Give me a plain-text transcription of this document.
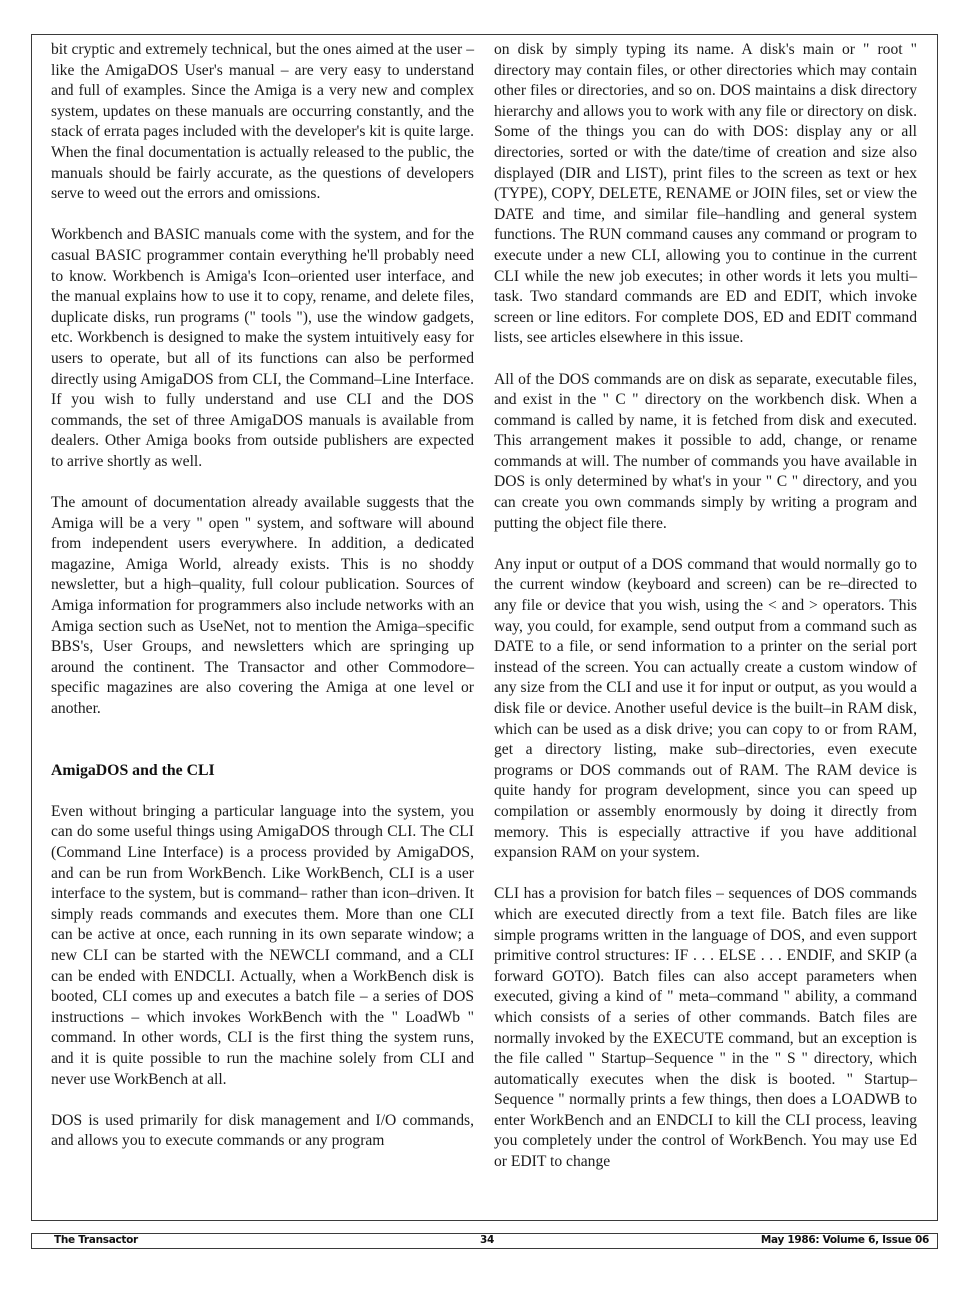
bit cryptic and extremely technical, but the ones aimed at the user – like the AmigaDOS User's manual – are very easy to understand and full of examples. Since the Amiga is a very new and complex system, updates on these manuals are occurring constantly, and the stack of errata pages included with the developer's kit is quite large. When the final documentation is actually released to the public, the manuals should be fairly accurate, as the questions of developers serve to weed out the errors and omissions.

Workbench and BASIC manuals come with the system, and for the casual BASIC programmer contain everything he'll probably need to know. Workbench is Amiga's Icon–oriented user interface, and the manual explains how to use it to copy, rename, and delete files, duplicate disks, run programs (" tools "), use the window gadgets, etc. Workbench is designed to make the system intuitively easy for users to operate, but all of its functions can also be performed directly using AmigaDOS from CLI, the Command–Line Interface. If you wish to fully understand and use CLI and the DOS commands, the set of three AmigaDOS manuals is available from dealers. Other Amiga books from outside publishers are expected to arrive shortly as well.

The amount of documentation already available suggests that the Amiga will be a very " open " system, and software will abound from independent users everywhere. In addition, a dedicated magazine, Amiga World, already exists. This is no shoddy newsletter, but a high–quality, full colour publication. Sources of Amiga information for programmers also include networks with an Amiga section such as UseNet, not to mention the Amiga–specific BBS's, User Groups, and newsletters which are springing up around the continent. The Transactor and other Commodore–specific magazines are also covering the Amiga at one level or another.

AmigaDOS and the CLI

Even without bringing a particular language into the system, you can do some useful things using AmigaDOS through CLI. The CLI (Command Line Interface) is a process provided by AmigaDOS, and can be run from WorkBench. Like WorkBench, CLI is a user interface to the system, but is command– rather than icon–driven. It simply reads commands and executes them. More than one CLI can be active at once, each running in its own separate window; a new CLI can be started with the NEWCLI command, and a CLI can be ended with ENDCLI. Actually, when a WorkBench disk is booted, CLI comes up and executes a batch file – a series of DOS instructions – which invokes WorkBench with the " LoadWb " command. In other words, CLI is the first thing the system runs, and it is quite possible to run the machine solely from CLI and never use WorkBench at all.

DOS is used primarily for disk management and I/O commands, and allows you to execute commands or any program

on disk by simply typing its name. A disk's main or " root " directory may contain files, or other directories which may contain other files or directories, and so on. DOS maintains a disk directory hierarchy and allows you to work with any file or directory on disk. Some of the things you can do with DOS: display any or all directories, sorted or with the date/time of creation and size also displayed (DIR and LIST), print files to the screen as text or hex (TYPE), COPY, DELETE, RENAME or JOIN files, set or view the DATE and time, and similar file–handling and general system functions. The RUN command causes any command or program to execute under a new CLI, allowing you to continue in the current CLI while the new job executes; in other words it lets you multi–task. Two standard commands are ED and EDIT, which invoke screen or line editors. For complete DOS, ED and EDIT command lists, see articles elsewhere in this issue.

All of the DOS commands are on disk as separate, executable files, and exist in the " C " directory on the workbench disk. When a command is called by name, it is fetched from disk and executed. This arrangement makes it possible to add, change, or rename commands at will. The number of commands you have available in DOS is only determined by what's in your " C " directory, and you can create you own commands simply by writing a program and putting the object file there.

Any input or output of a DOS command that would normally go to the current window (keyboard and screen) can be re–directed to any file or device that you wish, using the < and > operators. This way, you could, for example, send output from a command such as DATE to a file, or send information to a printer on the serial port instead of the screen. You can actually create a custom window of any size from the CLI and use it for input or output, as you would a disk file or device. Another useful device is the built–in RAM disk, which can be used as a disk drive; you can copy to or from RAM, get a directory listing, make sub–directories, even execute programs or DOS commands out of RAM. The RAM device is quite handy for program development, since you can speed up compilation or assembly enormously by doing it directly from memory. This is especially attractive if you have additional expansion RAM on your system.

CLI has a provision for batch files – sequences of DOS commands which are executed directly from a text file. Batch files are like simple programs written in the language of DOS, and even support primitive control structures: IF . . . ELSE . . . ENDIF, and SKIP (a forward GOTO). Batch files can also accept parameters when executed, giving a kind of " meta–command " ability, a command which consists of a series of other commands. Batch files are normally invoked by the EXECUTE command, but an exception is the file called " Startup–Sequence " in the " S " directory, which automatically executes when the disk is booted. " Startup–Sequence " normally prints a few things, then does a LOADWB to enter WorkBench and an ENDCLI to kill the CLI process, leaving you completely under the control of WorkBench. You may use Ed or EDIT to change

The Transactor	34	May 1986: Volume 6, Issue 06
